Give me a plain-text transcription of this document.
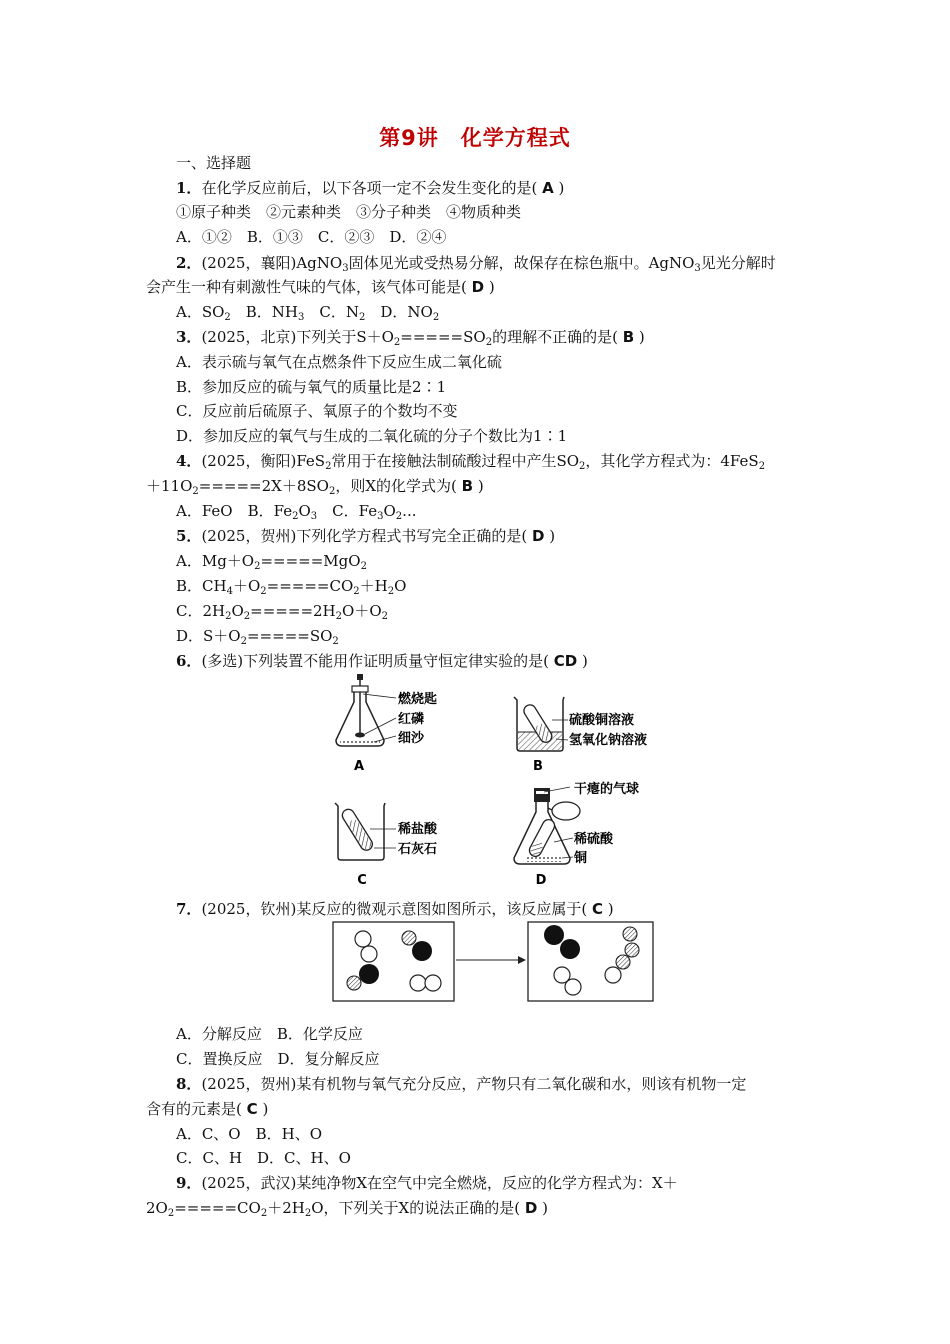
第9讲　化学方程式
一、选择题
1．在化学反应前后，以下各项一定不会发生变化的是( A )
①原子种类　②元素种类　③分子种类　④物质种类
A．①②　B．①③　C．②③　D．②④
2．(2025，襄阳)AgNO$_3$固体见光或受热易分解，故保存在棕色瓶中。AgNO$_3$见光分解时
会产生一种有刺激性气味的气体，该气体可能是( D )
A．$SO_2$　B．$NH_3$　C．$N_2$　D．$NO_2$
3．(2025，北京)下列关于$S+O_2=====SO_2$的理解不正确的是( B )
A．表示硫与氧气在点燃条件下反应生成二氧化硫
B．参加反应的硫与氧气的质量比是2∶1
C．反应前后硫原子、氧原子的个数均不变
D．参加反应的氧气与生成的二氧化硫的分子个数比为1∶1
4．(2025，衡阳)FeS$_2$常用于在接触法制硫酸过程中产生$SO_2$，其化学方程式为：4FeS$_2$
$+11O_2=====2X+8SO_2$，则X的化学式为( B )
A．FeO　B．$Fe_2O_3$　C．$Fe_3O_2$...
5．(2025，贺州)下列化学方程式书写完全正确的是( D )
A．$Mg+O_2=====MgO_2$
B．$CH_4+O_2=====CO_2+H_2O$
C．$2H_2O_2=====2H_2O+O_2$
D．$S+O_2=====SO_2$
6．(多选)下列装置不能用作证明质量守恒定律实验的是( CD )
燃烧匙
红磷
细沙
A
硫酸铜溶液
氢氧化钠溶液
B
稀盐酸
石灰石
C
干瘪的气球
稀硫酸
铜
D
7．(2025，钦州)某反应的微观示意图如图所示，该反应属于( C )
A．分解反应　B．化学反应
C．置换反应　D．复分解反应
8．(2025，贺州)某有机物与氧气充分反应，产物只有二氧化碳和水，则该有机物一定
含有的元素是( C )
A．C、O　B．H、O
C．C、H　D．C、H、O
9．(2025，武汉)某纯净物X在空气中完全燃烧，反应的化学方程式为：X＋
$2O_2=====CO_2+2H_2O$，下列关于X的说法正确的是( D )
